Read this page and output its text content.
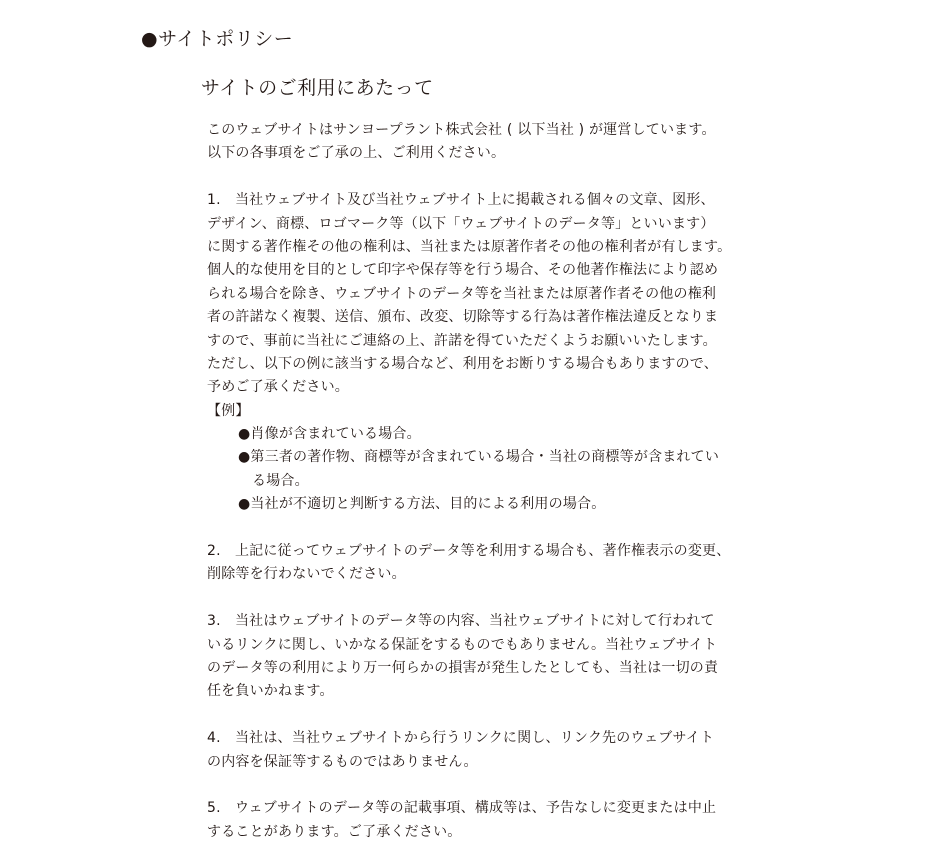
●サイトポリシー
サイトのご利用にあたって
このウェブサイトはサンヨープラント株式会社 ( 以下当社 ) が運営しています。
以下の各事項をご了承の上、ご利用ください。
1.　当社ウェブサイト及び当社ウェブサイト上に掲載される個々の文章、図形、
デザイン、商標、ロゴマーク等（以下「ウェブサイトのデータ等」といいます）
に関する著作権その他の権利は、当社または原著作者その他の権利者が有します。
個人的な使用を目的として印字や保存等を行う場合、その他著作権法により認め
られる場合を除き、ウェブサイトのデータ等を当社または原著作者その他の権利
者の許諾なく複製、送信、頒布、改変、切除等する行為は著作権法違反となりま
すので、事前に当社にご連絡の上、許諾を得ていただくようお願いいたします。
ただし、以下の例に該当する場合など、利用をお断りする場合もありますので、
予めご了承ください。
【例】
●肖像が含まれている場合。
●第三者の著作物、商標等が含まれている場合・当社の商標等が含まれてい
る場合。
●当社が不適切と判断する方法、目的による利用の場合。
2.　上記に従ってウェブサイトのデータ等を利用する場合も、著作権表示の変更、
削除等を行わないでください。
3.　当社はウェブサイトのデータ等の内容、当社ウェブサイトに対して行われて
いるリンクに関し、いかなる保証をするものでもありません。当社ウェブサイト
のデータ等の利用により万一何らかの損害が発生したとしても、当社は一切の責
任を負いかねます。
4.　当社は、当社ウェブサイトから行うリンクに関し、リンク先のウェブサイト
の内容を保証等するものではありません。
5.　ウェブサイトのデータ等の記載事項、構成等は、予告なしに変更または中止
することがあります。ご了承ください。
